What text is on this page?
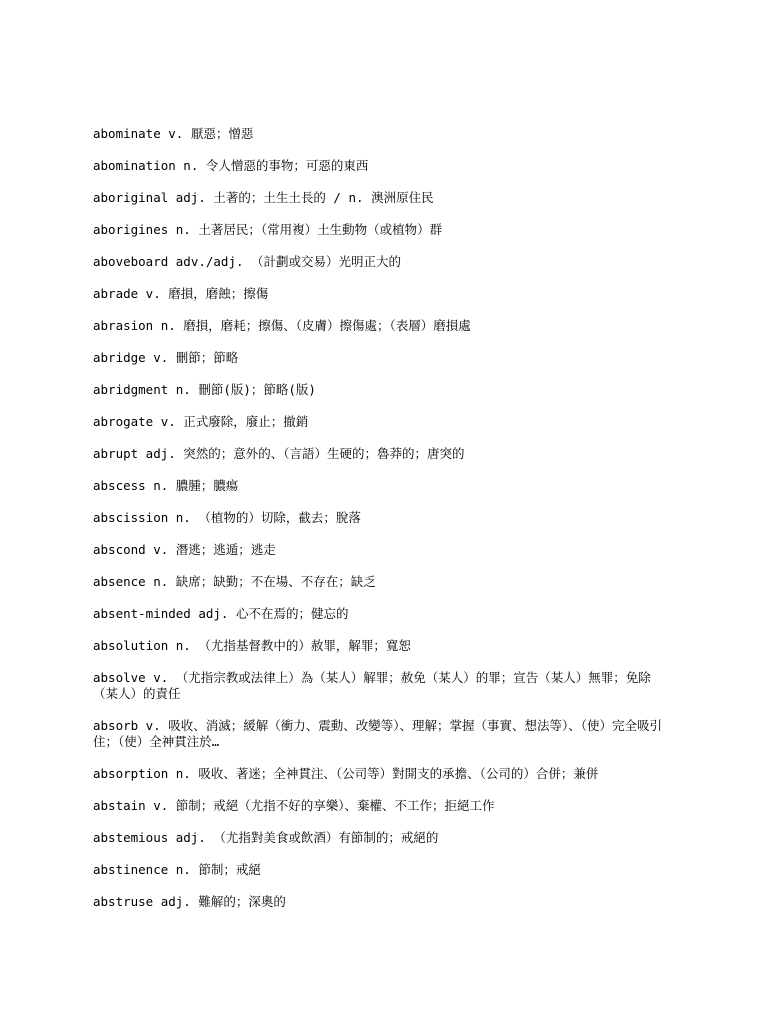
abominate v. 厭惡；憎惡
abomination n. 令人憎惡的事物；可惡的東西
aboriginal adj. 土著的；土生土長的 / n. 澳洲原住民
aborigines n. 土著居民；（常用複）土生動物（或植物）群
aboveboard adv./adj. （計劃或交易）光明正大的
abrade v. 磨損，磨蝕；擦傷
abrasion n. 磨損，磨耗；擦傷、（皮膚）擦傷處；（表層）磨損處
abridge v. 刪節；節略
abridgment n. 刪節(版)；節略(版)
abrogate v. 正式廢除，廢止；撤銷
abrupt adj. 突然的；意外的、（言語）生硬的；魯莽的；唐突的
abscess n. 膿腫；膿瘍
abscission n. （植物的）切除，截去；脫落
abscond v. 潛逃；逃遁；逃走
absence n. 缺席；缺勤；不在場、不存在；缺乏
absent-minded adj. 心不在焉的；健忘的
absolution n. （尤指基督教中的）赦罪，解罪；寬恕
absolve v. （尤指宗教或法律上）為（某人）解罪；赦免（某人）的罪；宣告（某人）無罪；免除（某人）的責任
absorb v. 吸收、消滅；緩解（衝力、震動、改變等）、理解；掌握（事實、想法等）、（使）完全吸引住；（使）全神貫注於…
absorption n. 吸收、著迷；全神貫注、（公司等）對開支的承擔、（公司的）合併；兼併
abstain v. 節制；戒絕（尤指不好的享樂）、棄權、不工作；拒絕工作
abstemious adj. （尤指對美食或飲酒）有節制的；戒絕的
abstinence n. 節制；戒絕
abstruse adj. 難解的；深奧的
